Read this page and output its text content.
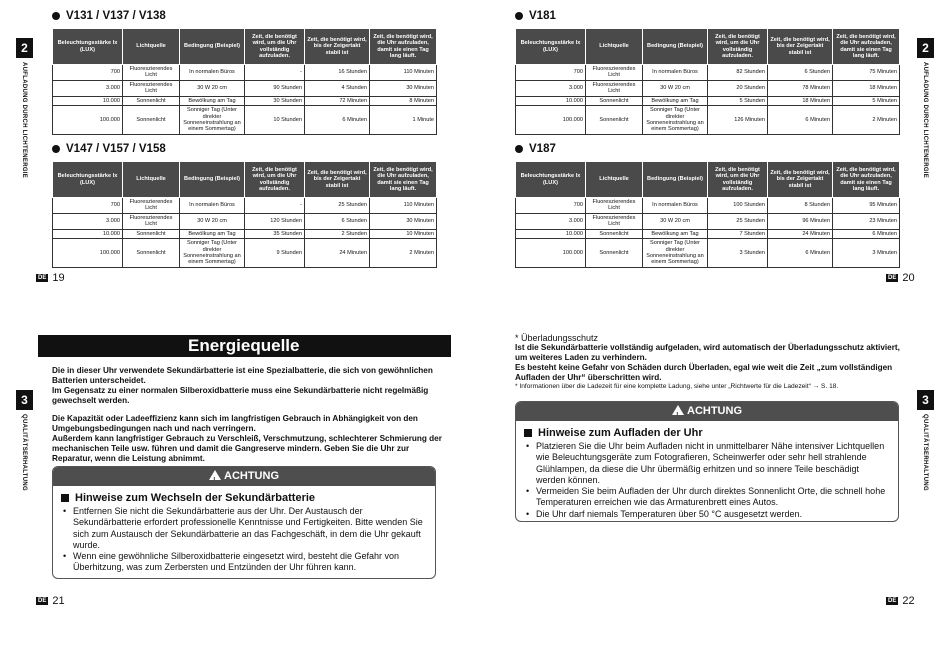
V131 / V137 / V138
Beleuchtungsstärke lx (LUX)	Lichtquelle	Bedingung (Beispiel)	Zeit, die benötigt wird, um die Uhr vollständig aufzuladen.	Zeit, die benötigt wird, bis der Zeigertakt stabil ist	Zeit, die benötigt wird, die Uhr aufzuladen, damit sie einen Tag lang läuft.
700	Fluoreszierendes Licht	In normalen Büros	-	16 Stunden	110 Minuten
3.000	Fluoreszierendes Licht	30 W 20 cm	90 Stunden	4 Stunden	30 Minuten
10.000	Sonnenlicht	Bewölkung am Tag	30 Stunden	72 Minuten	8 Minuten
100.000	Sonnenlicht	Sonniger Tag (Unter direkter Sonneneinstrahlung an einem Sommertag)	10 Stunden	6 Minuten	1 Minute
V147 / V157 / V158
Beleuchtungsstärke lx (LUX)	Lichtquelle	Bedingung (Beispiel)	Zeit, die benötigt wird, um die Uhr vollständig aufzuladen.	Zeit, die benötigt wird, bis der Zeigertakt stabil ist	Zeit, die benötigt wird, die Uhr aufzuladen, damit sie einen Tag lang läuft.
700	Fluoreszierendes Licht	In normalen Büros	-	25 Stunden	110 Minuten
3.000	Fluoreszierendes Licht	30 W 20 cm	120 Stunden	6 Stunden	30 Minuten
10.000	Sonnenlicht	Bewölkung am Tag	35 Stunden	2 Stunden	10 Minuten
100.000	Sonnenlicht	Sonniger Tag (Unter direkter Sonneneinstrahlung an einem Sommertag)	9 Stunden	24 Minuten	2 Minuten
V181
Beleuchtungsstärke lx (LUX)	Lichtquelle	Bedingung (Beispiel)	Zeit, die benötigt wird, um die Uhr vollständig aufzuladen.	Zeit, die benötigt wird, bis der Zeigertakt stabil ist	Zeit, die benötigt wird, die Uhr aufzuladen, damit sie einen Tag lang läuft.
700	Fluoreszierendes Licht	In normalen Büros	82 Stunden	6 Stunden	75 Minuten
3.000	Fluoreszierendes Licht	30 W 20 cm	20 Stunden	78 Minuten	18 Minuten
10.000	Sonnenlicht	Bewölkung am Tag	5 Stunden	18 Minuten	5 Minuten
100.000	Sonnenlicht	Sonniger Tag (Unter direkter Sonneneinstrahlung an einem Sommertag)	126 Minuten	6 Minuten	2 Minuten
V187
Beleuchtungsstärke lx (LUX)	Lichtquelle	Bedingung (Beispiel)	Zeit, die benötigt wird, um die Uhr vollständig aufzuladen.	Zeit, die benötigt wird, bis der Zeigertakt stabil ist	Zeit, die benötigt wird, die Uhr aufzuladen, damit sie einen Tag lang läuft.
700	Fluoreszierendes Licht	In normalen Büros	100 Stunden	8 Stunden	95 Minuten
3.000	Fluoreszierendes Licht	30 W 20 cm	25 Stunden	96 Minuten	23 Minuten
10.000	Sonnenlicht	Bewölkung am Tag	7 Stunden	24 Minuten	6 Minuten
100.000	Sonnenlicht	Sonniger Tag (Unter direkter Sonneneinstrahlung an einem Sommertag)	3 Stunden	6 Minuten	3 Minuten
2
AUFLADUNG DURCH LICHTENERGIE
2
AUFLADUNG DURCH LICHTENERGIE
DE 19	DE 20
Energiequelle

Die in dieser Uhr verwendete Sekundärbatterie ist eine Spezialbatterie, die sich von gewöhnlichen Batterien unterscheidet.

Im Gegensatz zu einer normalen Silberoxidbatterie muss eine Sekundärbatterie nicht regelmäßig gewechselt werden.

Die Kapazität oder Ladeeffizienz kann sich im langfristigen Gebrauch in Abhängigkeit von den Umgebungsbedingungen nach und nach verringern.

Außerdem kann langfristiger Gebrauch zu Verschleiß, Verschmutzung, schlechterer Schmierung der mechanischen Teile usw. führen und damit die Gangreserve mindern. Geben Sie die Uhr zur Reparatur, wenn die Leistung abnimmt.

!ACHTUNG
Hinweise zum Wechseln der Sekundärbatterie
• Entfernen Sie nicht die Sekundärbatterie aus der Uhr. Der Austausch der Sekundärbatterie erfordert professionelle Kenntnisse und Fertigkeiten. Bitte wenden Sie sich zum Austausch der Sekundärbatterie an das Fachgeschäft, in dem die Uhr gekauft wurde.
• Wenn eine gewöhnliche Silberoxidbatterie eingesetzt wird, besteht die Gefahr von Überhitzung, was zum Zerbersten und Entzünden der Uhr führen kann.
* Überladungsschutz

Ist die Sekundärbatterie vollständig aufgeladen, wird automatisch der Überladungsschutz aktiviert, um weiteres Laden zu verhindern.

Es besteht keine Gefahr von Schäden durch Überladen, egal wie weit die Zeit „zum vollständigen Aufladen der Uhr“ überschritten wird.

* Informationen über die Ladezeit für eine komplette Ladung, siehe unter „Richtwerte für die Ladezeit“ → S. 18.

!ACHTUNG
Hinweise zum Aufladen der Uhr
• Platzieren Sie die Uhr beim Aufladen nicht in unmittelbarer Nähe intensiver Lichtquellen wie Beleuchtungsgeräte zum Fotografieren, Scheinwerfer oder sehr hell strahlende Glühlampen, da diese die Uhr übermäßig erhitzen und so innere Teile beschädigt werden können.
• Vermeiden Sie beim Aufladen der Uhr durch direktes Sonnenlicht Orte, die schnell hohe Temperaturen erreichen wie das Armaturenbrett eines Autos.
• Die Uhr darf niemals Temperaturen über 50 °C ausgesetzt werden.
3
QUALITÄTSERHALTUNG
3
QUALITÄTSERHALTUNG
DE 21	DE 22
